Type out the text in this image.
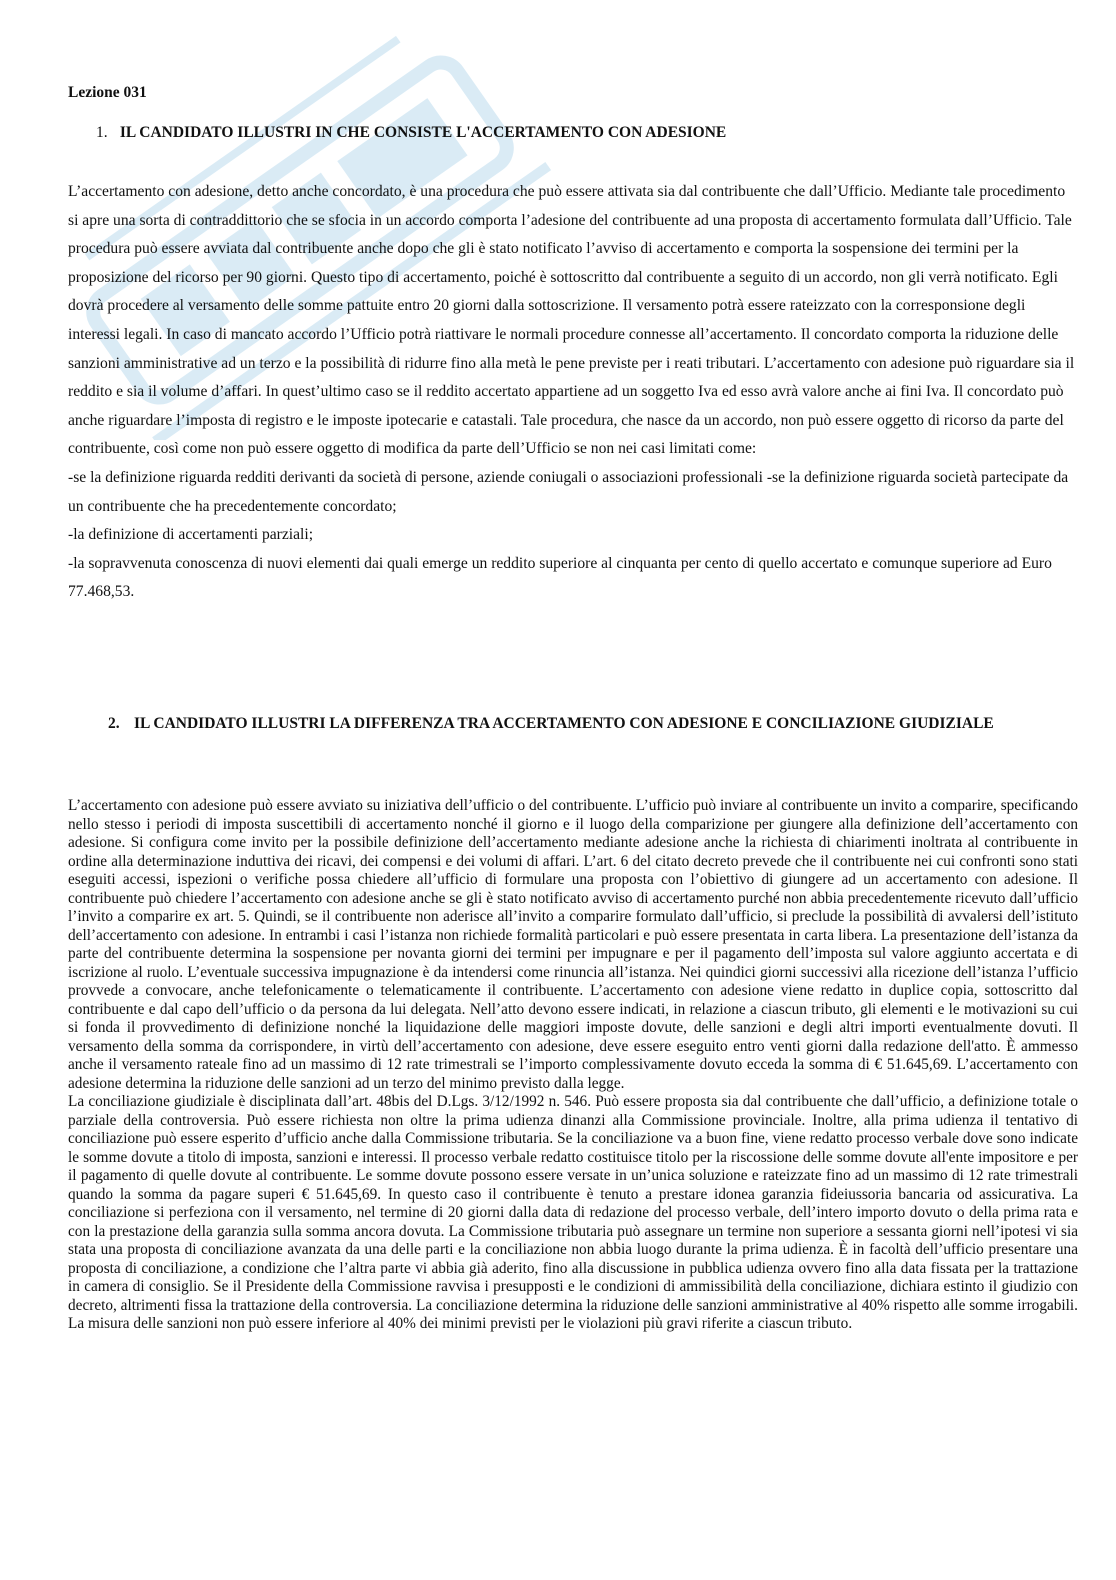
Lezione 031
1. IL CANDIDATO ILLUSTRI IN CHE CONSISTE L'ACCERTAMENTO CON ADESIONE

L’accertamento con adesione, detto anche concordato, è una procedura che può essere attivata sia dal contribuente che dall’Ufficio. Mediante tale procedimento si apre una sorta di contraddittorio che se sfocia in un accordo comporta l’adesione del contribuente ad una proposta di accertamento formulata dall’Ufficio. Tale procedura può essere avviata dal contribuente anche dopo che gli è stato notificato l’avviso di accertamento e comporta la sospensione dei termini per la proposizione del ricorso per 90 giorni. Questo tipo di accertamento, poiché è sottoscritto dal contribuente a seguito di un accordo, non gli verrà notificato. Egli dovrà procedere al versamento delle somme pattuite entro 20 giorni dalla sottoscrizione. Il versamento potrà essere rateizzato con la corresponsione degli interessi legali. In caso di mancato accordo l’Ufficio potrà riattivare le normali procedure connesse all’accertamento. Il concordato comporta la riduzione delle sanzioni amministrative ad un terzo e la possibilità di ridurre fino alla metà le pene previste per i reati tributari. L’accertamento con adesione può riguardare sia il reddito e sia il volume d’affari. In quest’ultimo caso se il reddito accertato appartiene ad un soggetto Iva ed esso avrà valore anche ai fini Iva. Il concordato può anche riguardare l’imposta di registro e le imposte ipotecarie e catastali. Tale procedura, che nasce da un accordo, non può essere oggetto di ricorso da parte del contribuente, così come non può essere oggetto di modifica da parte dell’Ufficio se non nei casi limitati come:

-se la definizione riguarda redditi derivanti da società di persone, aziende coniugali o associazioni professionali -se la definizione riguarda società partecipate da un contribuente che ha precedentemente concordato;

-la definizione di accertamenti parziali;

-la sopravvenuta conoscenza di nuovi elementi dai quali emerge un reddito superiore al cinquanta per cento di quello accertato e comunque superiore ad Euro 77.468,53.

2. IL CANDIDATO ILLUSTRI LA DIFFERENZA TRA ACCERTAMENTO CON ADESIONE E CONCILIAZIONE GIUDIZIALE

L’accertamento con adesione può essere avviato su iniziativa dell’ufficio o del contribuente. L’ufficio può inviare al contribuente un invito a comparire, specificando nello stesso i periodi di imposta suscettibili di accertamento nonché il giorno e il luogo della comparizione per giungere alla definizione dell’accertamento con adesione. Si configura come invito per la possibile definizione dell’accertamento mediante adesione anche la richiesta di chiarimenti inoltrata al contribuente in ordine alla determinazione induttiva dei ricavi, dei compensi e dei volumi di affari. L’art. 6 del citato decreto prevede che il contribuente nei cui confronti sono stati eseguiti accessi, ispezioni o verifiche possa chiedere all’ufficio di formulare una proposta con l’obiettivo di giungere ad un accertamento con adesione. Il contribuente può chiedere l’accertamento con adesione anche se gli è stato notificato avviso di accertamento purché non abbia precedentemente ricevuto dall’ufficio l’invito a comparire ex art. 5. Quindi, se il contribuente non aderisce all’invito a comparire formulato dall’ufficio, si preclude la possibilità di avvalersi dell’istituto dell’accertamento con adesione. In entrambi i casi l’istanza non richiede formalità particolari e può essere presentata in carta libera. La presentazione dell’istanza da parte del contribuente determina la sospensione per novanta giorni dei termini per impugnare e per il pagamento dell’imposta sul valore aggiunto accertata e di iscrizione al ruolo. L’eventuale successiva impugnazione è da intendersi come rinuncia all’istanza. Nei quindici giorni successivi alla ricezione dell’istanza l’ufficio provvede a convocare, anche telefonicamente o telematicamente il contribuente. L’accertamento con adesione viene redatto in duplice copia, sottoscritto dal contribuente e dal capo dell’ufficio o da persona da lui delegata. Nell’atto devono essere indicati, in relazione a ciascun tributo, gli elementi e le motivazioni su cui si fonda il provvedimento di definizione nonché la liquidazione delle maggiori imposte dovute, delle sanzioni e degli altri importi eventualmente dovuti. Il versamento della somma da corrispondere, in virtù dell’accertamento con adesione, deve essere eseguito entro venti giorni dalla redazione dell'atto. È ammesso anche il versamento rateale fino ad un massimo di 12 rate trimestrali se l’importo complessivamente dovuto ecceda la somma di € 51.645,69. L’accertamento con adesione determina la riduzione delle sanzioni ad un terzo del minimo previsto dalla legge.

La conciliazione giudiziale è disciplinata dall’art. 48bis del D.Lgs. 3/12/1992 n. 546. Può essere proposta sia dal contribuente che dall’ufficio, a definizione totale o parziale della controversia. Può essere richiesta non oltre la prima udienza dinanzi alla Commissione provinciale. Inoltre, alla prima udienza il tentativo di conciliazione può essere esperito d’ufficio anche dalla Commissione tributaria. Se la conciliazione va a buon fine, viene redatto processo verbale dove sono indicate le somme dovute a titolo di imposta, sanzioni e interessi. Il processo verbale redatto costituisce titolo per la riscossione delle somme dovute all'ente impositore e per il pagamento di quelle dovute al contribuente. Le somme dovute possono essere versate in un’unica soluzione e rateizzate fino ad un massimo di 12 rate trimestrali quando la somma da pagare superi € 51.645,69. In questo caso il contribuente è tenuto a prestare idonea garanzia fideiussoria bancaria od assicurativa. La conciliazione si perfeziona con il versamento, nel termine di 20 giorni dalla data di redazione del processo verbale, dell’intero importo dovuto o della prima rata e con la prestazione della garanzia sulla somma ancora dovuta. La Commissione tributaria può assegnare un termine non superiore a sessanta giorni nell’ipotesi vi sia stata una proposta di conciliazione avanzata da una delle parti e la conciliazione non abbia luogo durante la prima udienza. È in facoltà dell’ufficio presentare una proposta di conciliazione, a condizione che l’altra parte vi abbia già aderito, fino alla discussione in pubblica udienza ovvero fino alla data fissata per la trattazione in camera di consiglio. Se il Presidente della Commissione ravvisa i presupposti e le condizioni di ammissibilità della conciliazione, dichiara estinto il giudizio con decreto, altrimenti fissa la trattazione della controversia. La conciliazione determina la riduzione delle sanzioni amministrative al 40% rispetto alle somme irrogabili. La misura delle sanzioni non può essere inferiore al 40% dei minimi previsti per le violazioni più gravi riferite a ciascun tributo.
